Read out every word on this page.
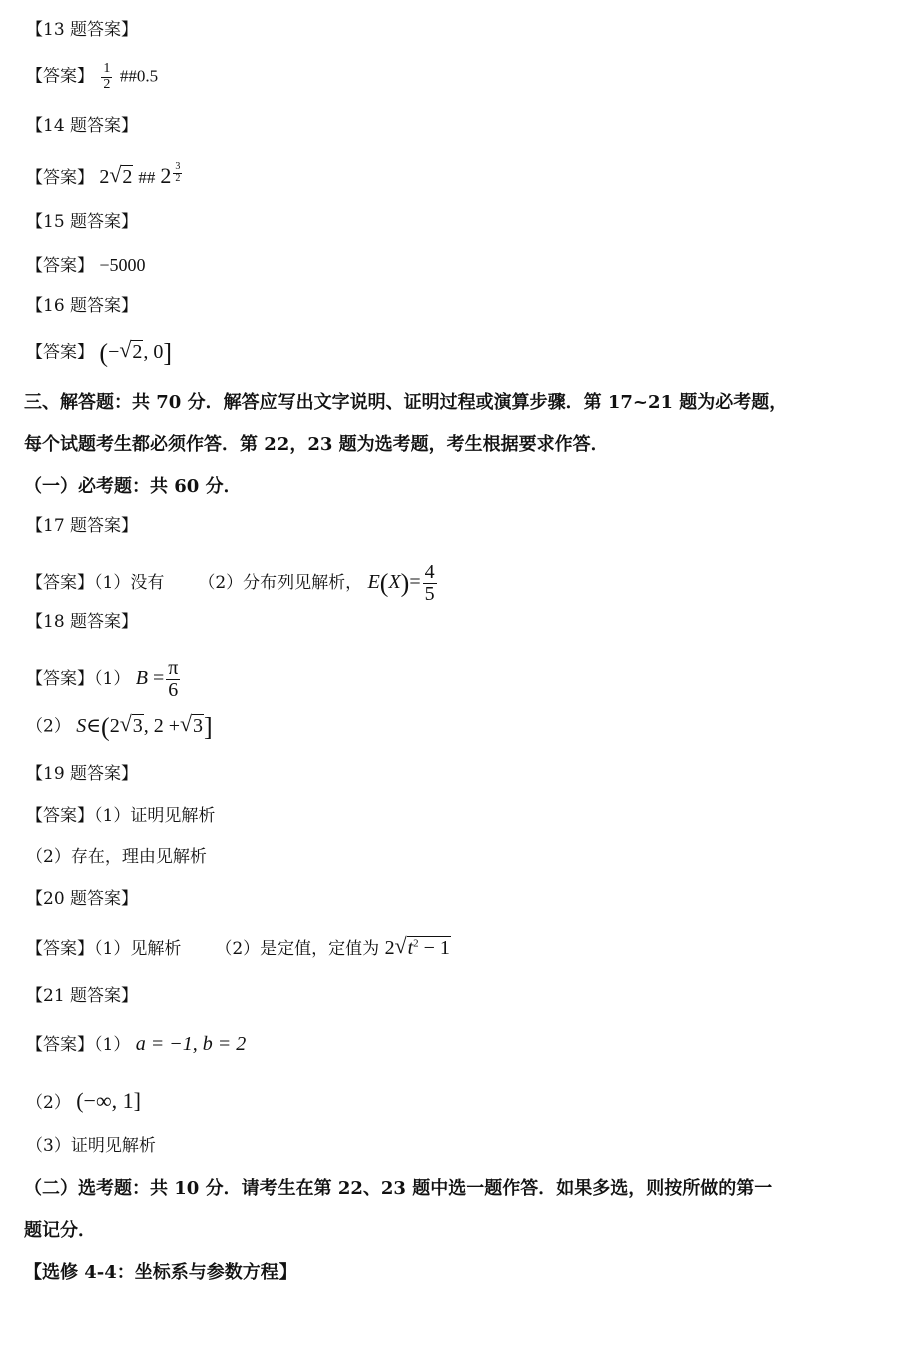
【13 题答案】
【答案】 $\frac{1}{2}$ ##0.5
【14 题答案】
【答案】 2 √ 2 ## $2 \frac{3}{2}$
【15 题答案】
【答案】 −5000
【16 题答案】
【答案】 (− √ 2, 0]
三、解答题：共 70 分．解答应写出文字说明、证明过程或演算步骤．第 17~21 题为必考题，
每个试题考生都必须作答．第 22，23 题为选考题，考生根据要求作答．
（一）必考题：共 60 分．
【17 题答案】
【答案】（1）没有 （2）分布列见解析， $E(X)= \frac{4}{5}$
【18 题答案】
【答案】（1） $B = \frac{\pi}{6}$
（2） S∈(2 √ 3, 2 + √ 3]
【19 题答案】
【答案】（1）证明见解析
（2）存在，理由见解析
【20 题答案】
【答案】（1）见解析 （2）是定值，定值为 2 √ $t^2 - 1$
【21 题答案】
【答案】（1） a = −1, b = 2
（2） (−∞, 1]
（3）证明见解析
（二）选考题：共 10 分．请考生在第 22、23 题中选一题作答．如果多选，则按所做的第一
题记分．
【选修 4-4：坐标系与参数方程】
